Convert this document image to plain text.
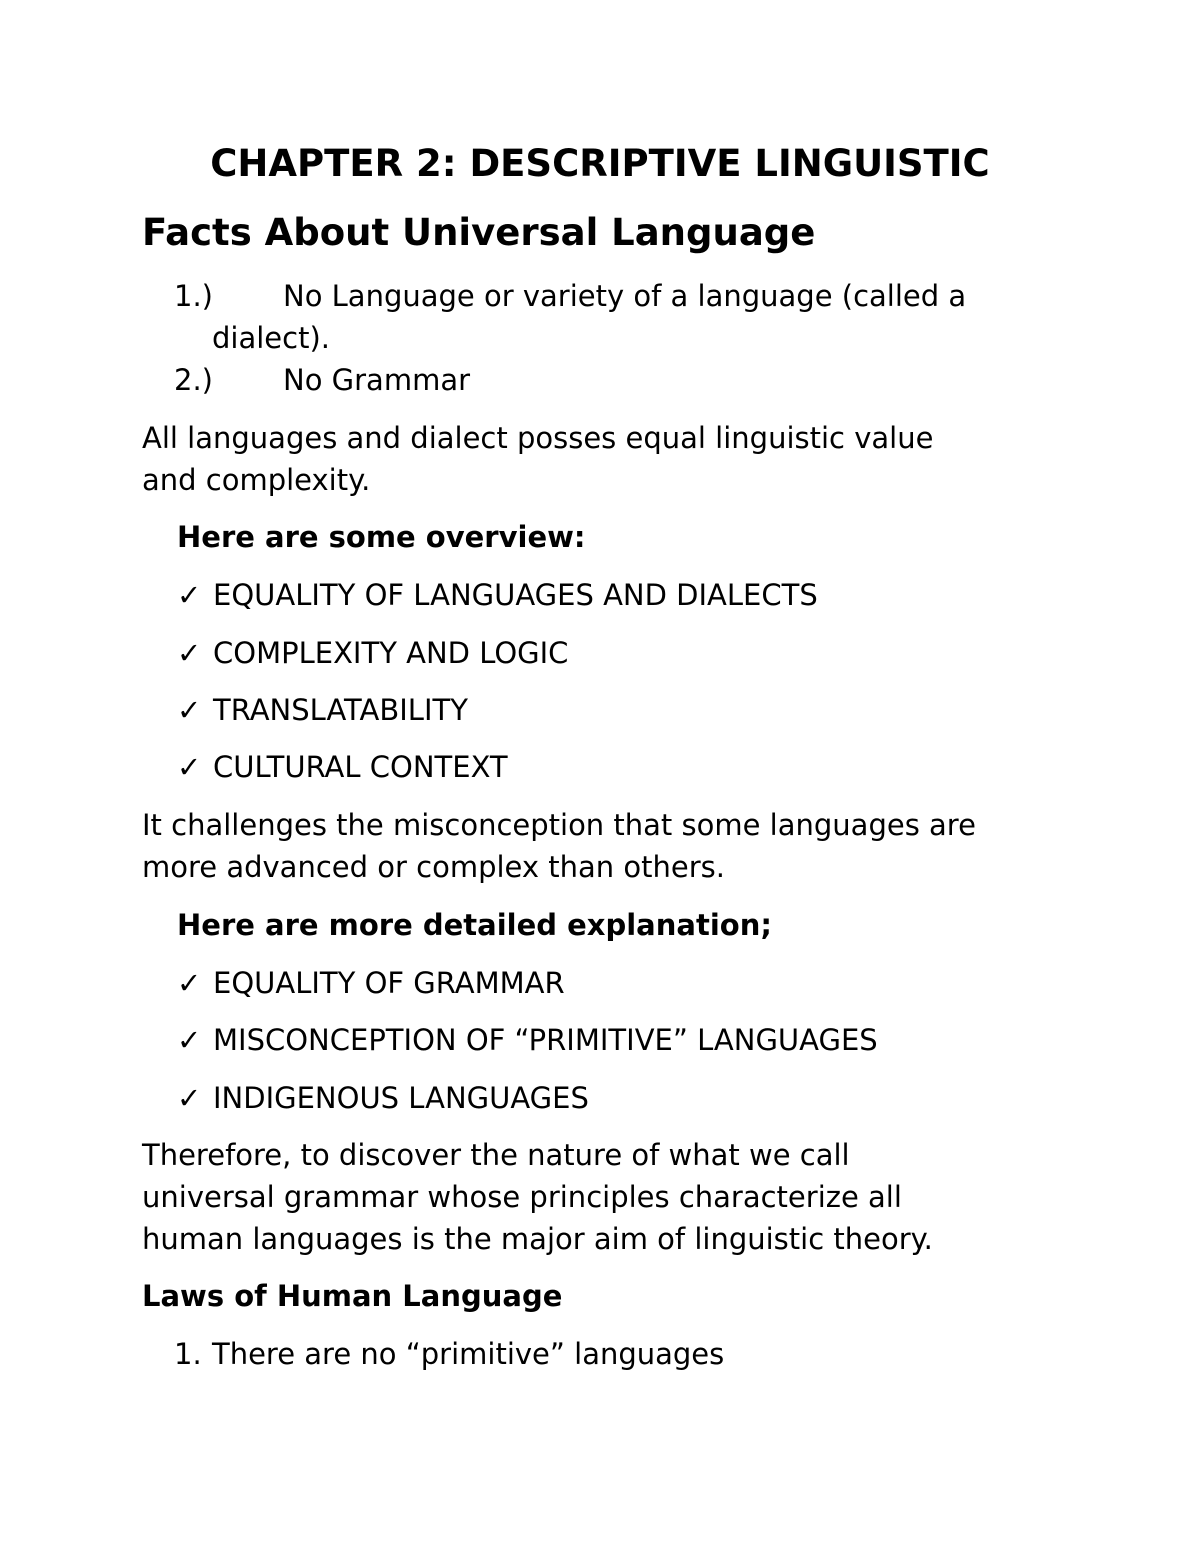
CHAPTER 2: DESCRIPTIVE LINGUISTIC
Facts About Universal Language
1.) No Language or variety of a language (called a
dialect).
2.) No Grammar
All languages and dialect posses equal linguistic value
and complexity.
Here are some overview:
✓ EQUALITY OF LANGUAGES AND DIALECTS
✓ COMPLEXITY AND LOGIC
✓ TRANSLATABILITY
✓ CULTURAL CONTEXT
It challenges the misconception that some languages are
more advanced or complex than others.
Here are more detailed explanation;
✓ EQUALITY OF GRAMMAR
✓ MISCONCEPTION OF “PRIMITIVE” LANGUAGES
✓ INDIGENOUS LANGUAGES
Therefore, to discover the nature of what we call
universal grammar whose principles characterize all
human languages is the major aim of linguistic theory.
Laws of Human Language
1. There are no “primitive” languages
